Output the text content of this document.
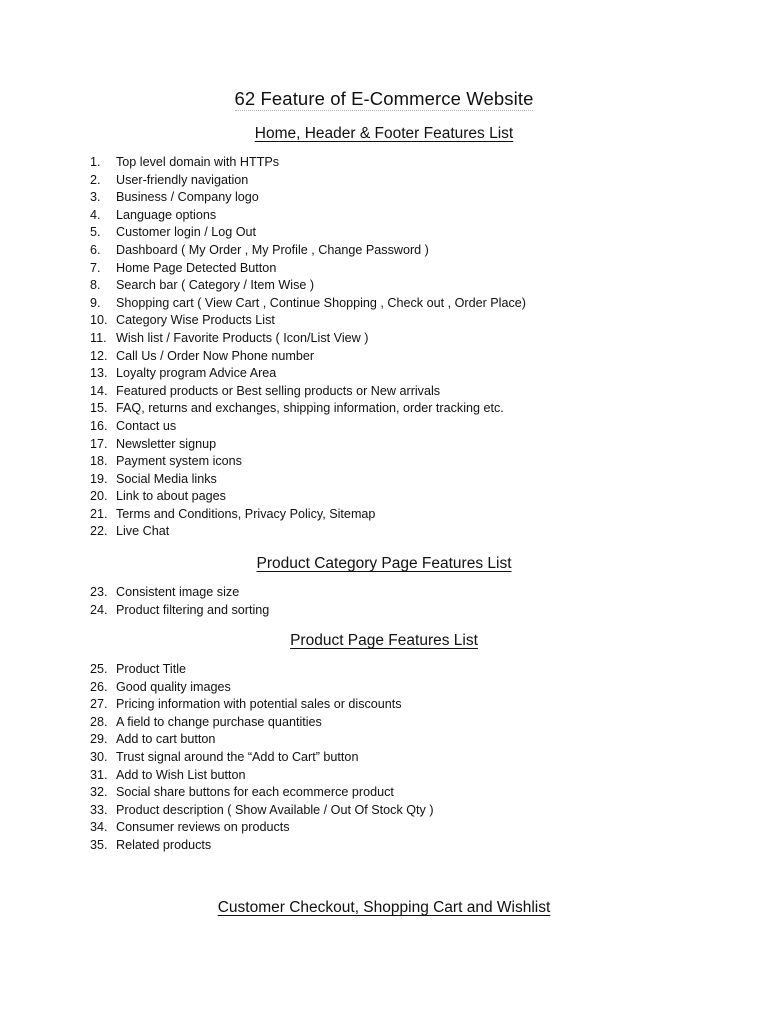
62 Feature of E-Commerce Website
Home, Header & Footer Features List
1. Top level domain with HTTPs
2. User-friendly navigation
3. Business / Company logo
4. Language options
5. Customer login / Log Out
6. Dashboard ( My Order , My Profile , Change Password )
7. Home Page Detected Button
8. Search bar ( Category / Item Wise )
9. Shopping cart ( View Cart , Continue Shopping , Check out , Order Place)
10. Category Wise Products List
11. Wish list / Favorite Products ( Icon/List View )
12. Call Us / Order Now Phone number
13. Loyalty program Advice Area
14. Featured products or Best selling products or New arrivals
15. FAQ, returns and exchanges, shipping information, order tracking etc.
16. Contact us
17. Newsletter signup
18. Payment system icons
19. Social Media links
20. Link to about pages
21. Terms and Conditions, Privacy Policy, Sitemap
22. Live Chat
Product Category Page Features List
23. Consistent image size
24. Product filtering and sorting
Product Page Features List
25. Product Title
26. Good quality images
27. Pricing information with potential sales or discounts
28. A field to change purchase quantities
29. Add to cart button
30. Trust signal around the “Add to Cart” button
31. Add to Wish List button
32. Social share buttons for each ecommerce product
33. Product description ( Show Available / Out Of Stock Qty )
34. Consumer reviews on products
35. Related products
Customer Checkout, Shopping Cart and Wishlist
